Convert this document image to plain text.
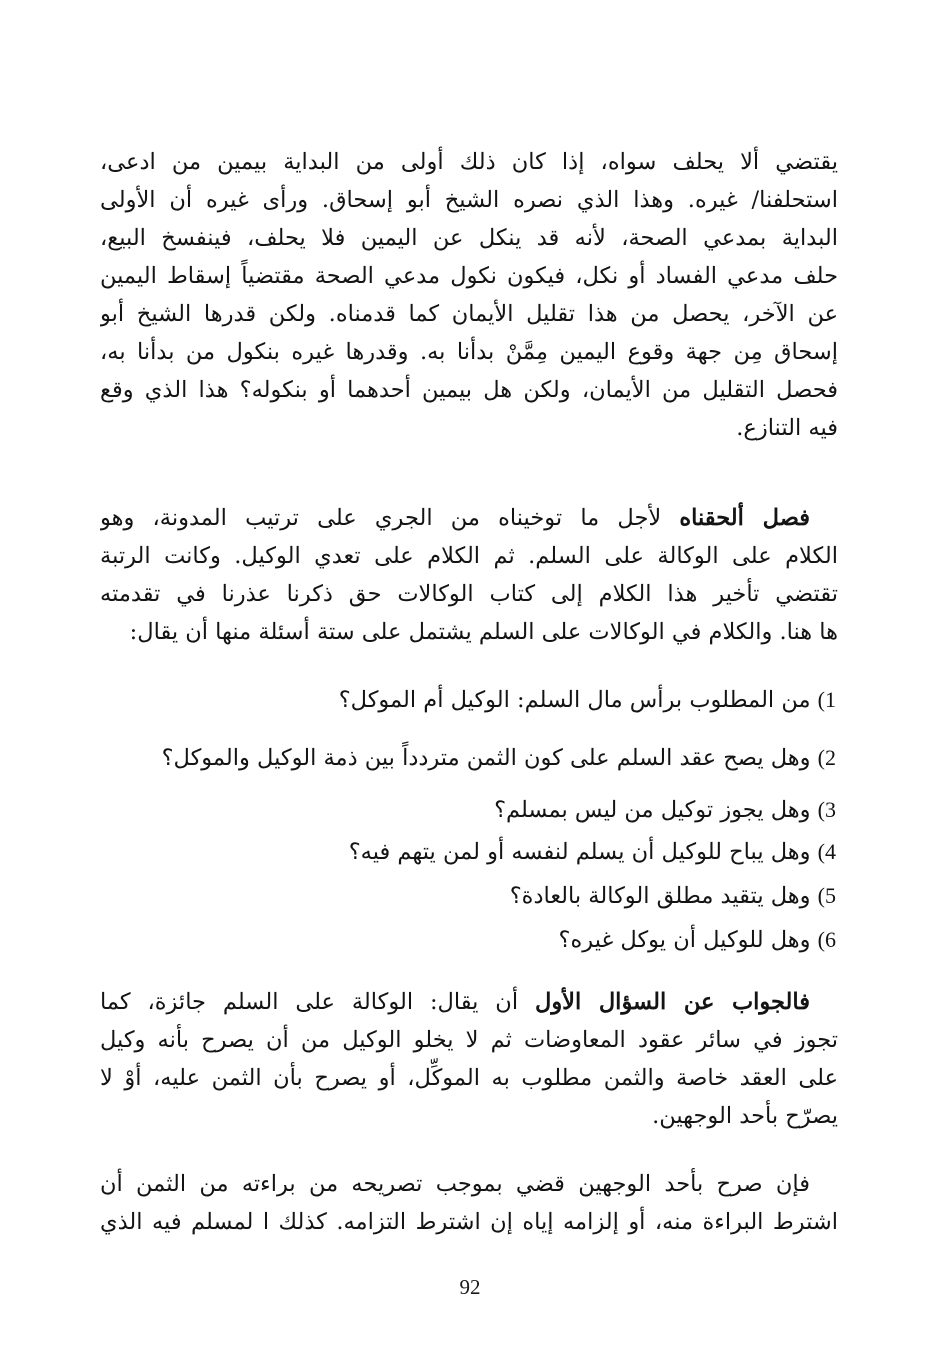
يقتضي ألا يحلف سواه، إذا كان ذلك أولى من البداية بيمين من ادعى،
استحلفنا/ غيره. وهذا الذي نصره الشيخ أبو إسحاق. ورأى غيره أن الأولى
البداية بمدعي الصحة، لأنه قد ينكل عن اليمين فلا يحلف، فينفسخ البيع،
حلف مدعي الفساد أو نكل، فيكون نكول مدعي الصحة مقتضياً إسقاط اليمين
عن الآخر، يحصل من هذا تقليل الأيمان كما قدمناه. ولكن قدرها الشيخ أبو
إسحاق مِن جهة وقوع اليمين مِمَّنْ بدأنا به. وقدرها غيره بنكول من بدأنا به،
فحصل التقليل من الأيمان، ولكن هل بيمين أحدهما أو بنكوله؟ هذا الذي وقع
فيه التنازع.
فصل ألحقناه لأجل ما توخيناه من الجري على ترتيب المدونة، وهو
الكلام على الوكالة على السلم. ثم الكلام على تعدي الوكيل. وكانت الرتبة
تقتضي تأخير هذا الكلام إلى كتاب الوكالات حق ذكرنا عذرنا في تقدمته
ها هنا. والكلام في الوكالات على السلم يشتمل على ستة أسئلة منها أن يقال:
1) من المطلوب برأس مال السلم: الوكيل أم الموكل؟
2) وهل يصح عقد السلم على كون الثمن متردداً بين ذمة الوكيل والموكل؟
3) وهل يجوز توكيل من ليس بمسلم؟
4) وهل يباح للوكيل أن يسلم لنفسه أو لمن يتهم فيه؟
5) وهل يتقيد مطلق الوكالة بالعادة؟
6) وهل للوكيل أن يوكل غيره؟
فالجواب عن السؤال الأول أن يقال: الوكالة على السلم جائزة، كما
تجوز في سائر عقود المعاوضات ثم لا يخلو الوكيل من أن يصرح بأنه وكيل
على العقد خاصة والثمن مطلوب به الموكِّل، أو يصرح بأن الثمن عليه، أوْ لا
يصرّح بأحد الوجهين.
فإن صرح بأحد الوجهين قضي بموجب تصريحه من براءته من الثمن أن
اشترط البراءة منه، أو إلزامه إياه إن اشترط التزامه. كذلك ا لمسلم فيه الذي
92
